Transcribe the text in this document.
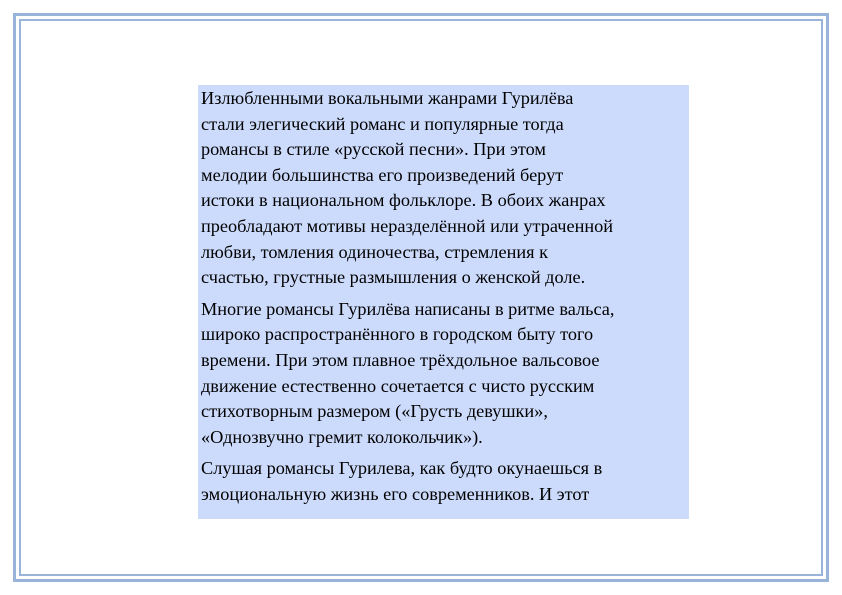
Излюбленными вокальными жанрами Гурилёва
стали элегический романс и популярные тогда
романсы в стиле «русской песни». При этом
мелодии большинства его произведений берут
истоки в национальном фольклоре. В обоих жанрах
преобладают мотивы неразделённой или утраченной
любви, томления одиночества, стремления к
счастью, грустные размышления о женской доле.

Многие романсы Гурилёва написаны в ритме вальса,
широко распространённого в городском быту того
времени. При этом плавное трёхдольное вальсовое
движение естественно сочетается с чисто русским
стихотворным размером («Грусть девушки»,
«Однозвучно гремит колокольчик»).

Слушая романсы Гурилева, как будто окунаешься в
эмоциональную жизнь его современников. И этот
